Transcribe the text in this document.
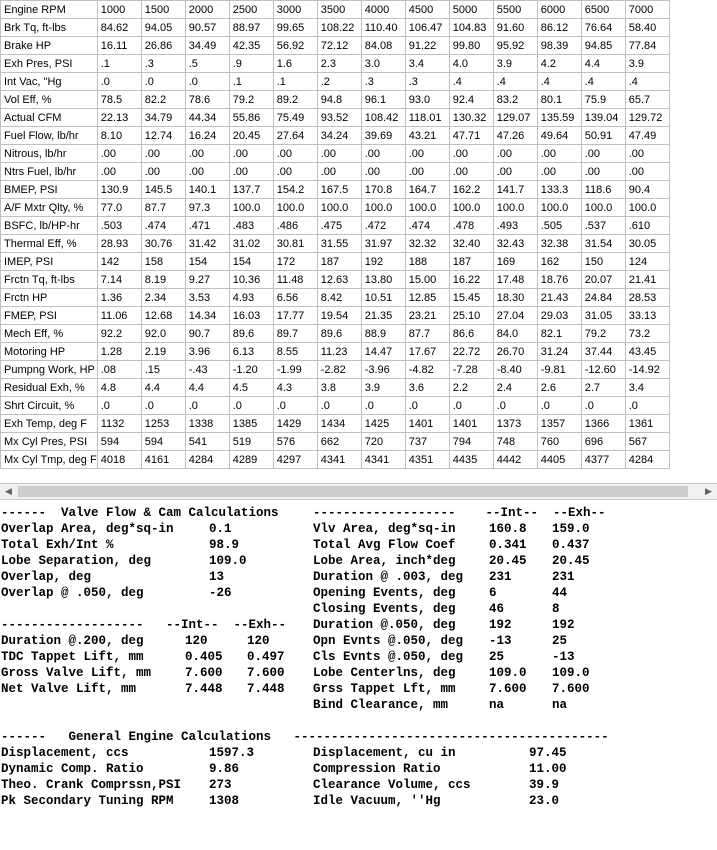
Engine RPM	1000	1500	2000	2500	3000	3500	4000	4500	5000	5500	6000	6500	7000
Brk Tq, ft-lbs	84.62	94.05	90.57	88.97	99.65	108.22	110.40	106.47	104.83	91.60	86.12	76.64	58.40
Brake HP	16.11	26.86	34.49	42.35	56.92	72.12	84.08	91.22	99.80	95.92	98.39	94.85	77.84
Exh Pres, PSI	.1	.3	.5	.9	1.6	2.3	3.0	3.4	4.0	3.9	4.2	4.4	3.9
Int Vac, "Hg	.0	.0	.0	.1	.1	.2	.3	.3	.4	.4	.4	.4	.4
Vol Eff, %	78.5	82.2	78.6	79.2	89.2	94.8	96.1	93.0	92.4	83.2	80.1	75.9	65.7
Actual CFM	22.13	34.79	44.34	55.86	75.49	93.52	108.42	118.01	130.32	129.07	135.59	139.04	129.72
Fuel Flow, lb/hr	8.10	12.74	16.24	20.45	27.64	34.24	39.69	43.21	47.71	47.26	49.64	50.91	47.49
Nitrous, lb/hr	.00	.00	.00	.00	.00	.00	.00	.00	.00	.00	.00	.00	.00
Ntrs Fuel, lb/hr	.00	.00	.00	.00	.00	.00	.00	.00	.00	.00	.00	.00	.00
BMEP, PSI	130.9	145.5	140.1	137.7	154.2	167.5	170.8	164.7	162.2	141.7	133.3	118.6	90.4
A/F Mxtr Qlty, %	77.0	87.7	97.3	100.0	100.0	100.0	100.0	100.0	100.0	100.0	100.0	100.0	100.0
BSFC, lb/HP-hr	.503	.474	.471	.483	.486	.475	.472	.474	.478	.493	.505	.537	.610
Thermal Eff, %	28.93	30.76	31.42	31.02	30.81	31.55	31.97	32.32	32.40	32.43	32.38	31.54	30.05
IMEP, PSI	142	158	154	154	172	187	192	188	187	169	162	150	124
Frctn Tq, ft-lbs	7.14	8.19	9.27	10.36	11.48	12.63	13.80	15.00	16.22	17.48	18.76	20.07	21.41
Frctn HP	1.36	2.34	3.53	4.93	6.56	8.42	10.51	12.85	15.45	18.30	21.43	24.84	28.53
FMEP, PSI	11.06	12.68	14.34	16.03	17.77	19.54	21.35	23.21	25.10	27.04	29.03	31.05	33.13
Mech Eff, %	92.2	92.0	90.7	89.6	89.7	89.6	88.9	87.7	86.6	84.0	82.1	79.2	73.2
Motoring HP	1.28	2.19	3.96	6.13	8.55	11.23	14.47	17.67	22.72	26.70	31.24	37.44	43.45
Pumpng Work, HP	.08	.15	-.43	-1.20	-1.99	-2.82	-3.96	-4.82	-7.28	-8.40	-9.81	-12.60	-14.92
Residual Exh, %	4.8	4.4	4.4	4.5	4.3	3.8	3.9	3.6	2.2	2.4	2.6	2.7	3.4
Shrt Circuit, %	.0	.0	.0	.0	.0	.0	.0	.0	.0	.0	.0	.0	.0
Exh Temp, deg F	1132	1253	1338	1385	1429	1434	1425	1401	1401	1373	1357	1366	1361
Mx Cyl Pres, PSI	594	594	541	519	576	662	720	737	794	748	760	696	567
Mx Cyl Tmp, deg F	4018	4161	4284	4289	4297	4341	4341	4351	4435	4442	4405	4377	4284
◀	▶
------  Valve Flow & Cam Calculations	-------------------    --Int--  --Exh--
Overlap Area, deg*sq-in	0.1
Total Exh/Int %	98.9
Lobe Separation, deg	109.0
Overlap, deg	13
Overlap @ .050, deg	-26
-------------------   --Int--  --Exh--
Duration @.200, deg	120	120
TDC Tappet Lift, mm	0.405 0.497
Gross Valve Lift, mm	7.600 7.600
Net Valve Lift, mm	7.448 7.448
Vlv Area, deg*sq-in	160.8 159.0
Total Avg Flow Coef	0.341 0.437
Lobe Area, inch*deg	20.45 20.45
Duration @ .003, deg 231	231
Opening Events, deg	6	44
Closing Events, deg	46	8
Duration @.050, deg	192	192
Opn Evnts @.050, deg -13	25
Cls Evnts @.050, deg 25	-13
Lobe Centerlns, deg	109.0 109.0
Grss Tappet Lft, mm	7.600 7.600
Bind Clearance, mm	na	na
------   General Engine Calculations   ------------------------------------------
Displacement, ccs	1597.3
Dynamic Comp. Ratio	9.86
Theo. Crank Comprssn,PSI 273
Pk Secondary Tuning RPM	1308
Displacement, cu in	97.45
Compression Ratio	11.00
Clearance Volume, ccs	39.9
Idle Vacuum, ''Hg	23.0
